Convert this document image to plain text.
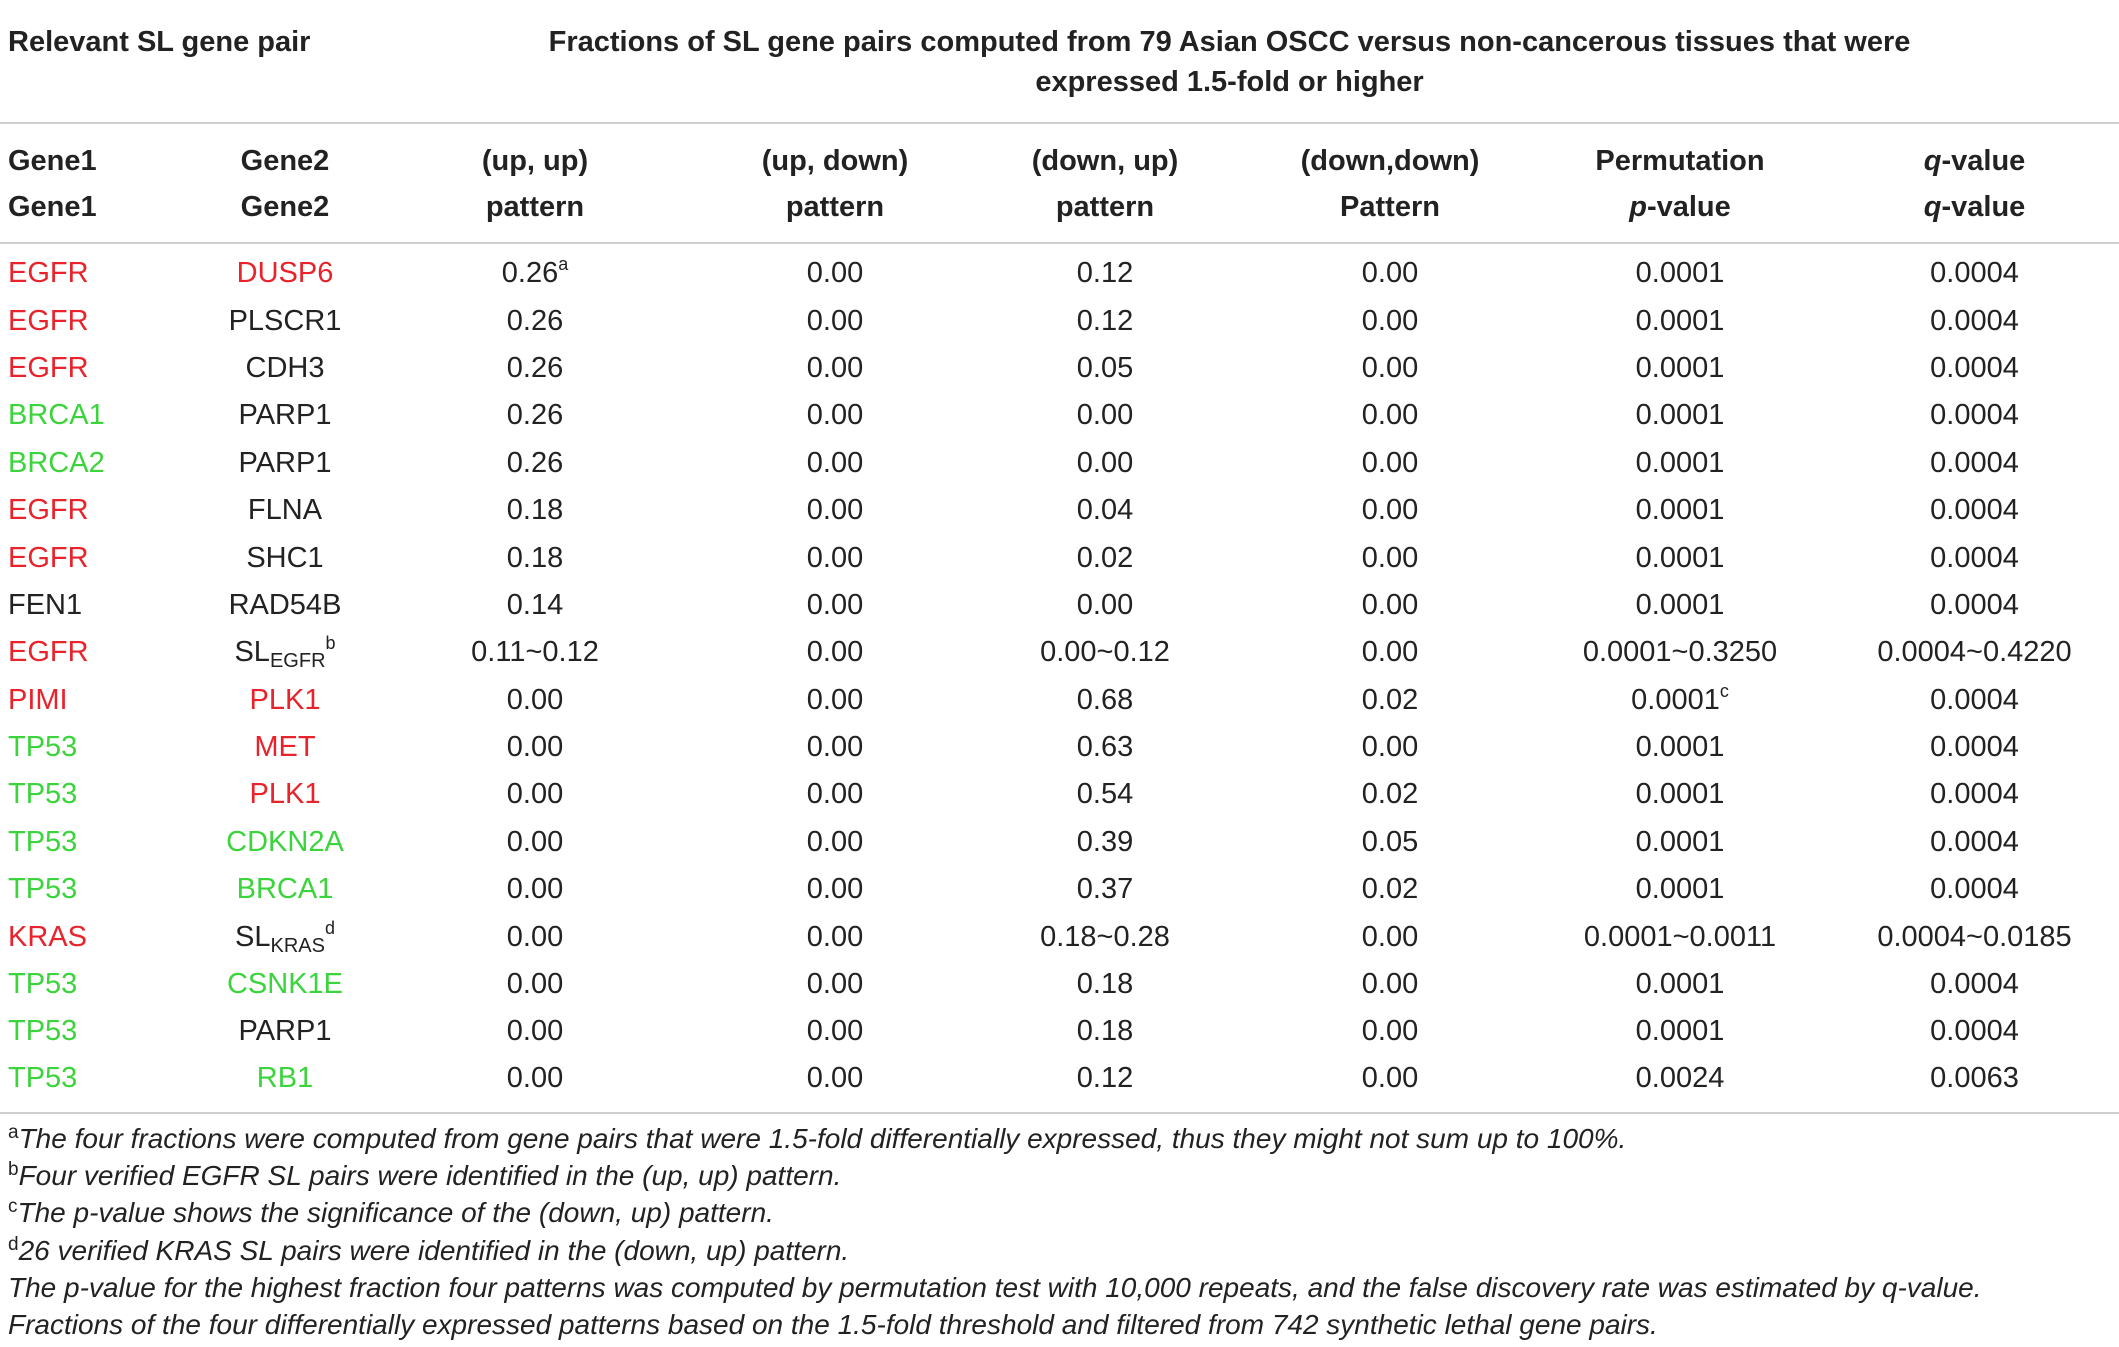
Relevant SL gene pair		Fractions of SL gene pairs computed from 79 Asian OSCC versus non-cancerous tissues that were expressed 1.5-fold or higher					
Gene1	Gene2	(up, up)	(up, down)	(down, up)	(down,down)	Permutation	q-value
Gene1	Gene2	pattern	pattern	pattern	Pattern	p-value	q-value
EGFR	DUSP6	0.26$^a$	0.00	0.12	0.00	0.0001	0.0004
EGFR	PLSCR1	0.26	0.00	0.12	0.00	0.0001	0.0004
EGFR	CDH3	0.26	0.00	0.05	0.00	0.0001	0.0004
BRCA1	PARP1	0.26	0.00	0.00	0.00	0.0001	0.0004
BRCA2	PARP1	0.26	0.00	0.00	0.00	0.0001	0.0004
EGFR	FLNA	0.18	0.00	0.04	0.00	0.0001	0.0004
EGFR	SHC1	0.18	0.00	0.02	0.00	0.0001	0.0004
FEN1	RAD54B	0.14	0.00	0.00	0.00	0.0001	0.0004
EGFR	$SL_{EGFR}^b$	0.11~0.12	0.00	0.00~0.12	0.00	0.0001~0.3250	0.0004~0.4220
PIMI	PLK1	0.00	0.00	0.68	0.02	0.0001$^c$	0.0004
TP53	MET	0.00	0.00	0.63	0.00	0.0001	0.0004
TP53	PLK1	0.00	0.00	0.54	0.02	0.0001	0.0004
TP53	CDKN2A	0.00	0.00	0.39	0.05	0.0001	0.0004
TP53	BRCA1	0.00	0.00	0.37	0.02	0.0001	0.0004
KRAS	$SL_{KRAS}^d$	0.00	0.00	0.18~0.28	0.00	0.0001~0.0011	0.0004~0.0185
TP53	CSNK1E	0.00	0.00	0.18	0.00	0.0001	0.0004
TP53	PARP1	0.00	0.00	0.18	0.00	0.0001	0.0004
TP53	RB1	0.00	0.00	0.12	0.00	0.0024	0.0063
$^a$The four fractions were computed from gene pairs that were 1.5-fold differentially expressed, thus they might not sum up to 100%.
$^b$Four verified EGFR SL pairs were identified in the (up, up) pattern.
$^c$The p-value shows the significance of the (down, up) pattern.
$^d$26 verified KRAS SL pairs were identified in the (down, up) pattern.
The p-value for the highest fraction four patterns was computed by permutation test with 10,000 repeats, and the false discovery rate was estimated by q-value.
Fractions of the four differentially expressed patterns based on the 1.5-fold threshold and filtered from 742 synthetic lethal gene pairs.
